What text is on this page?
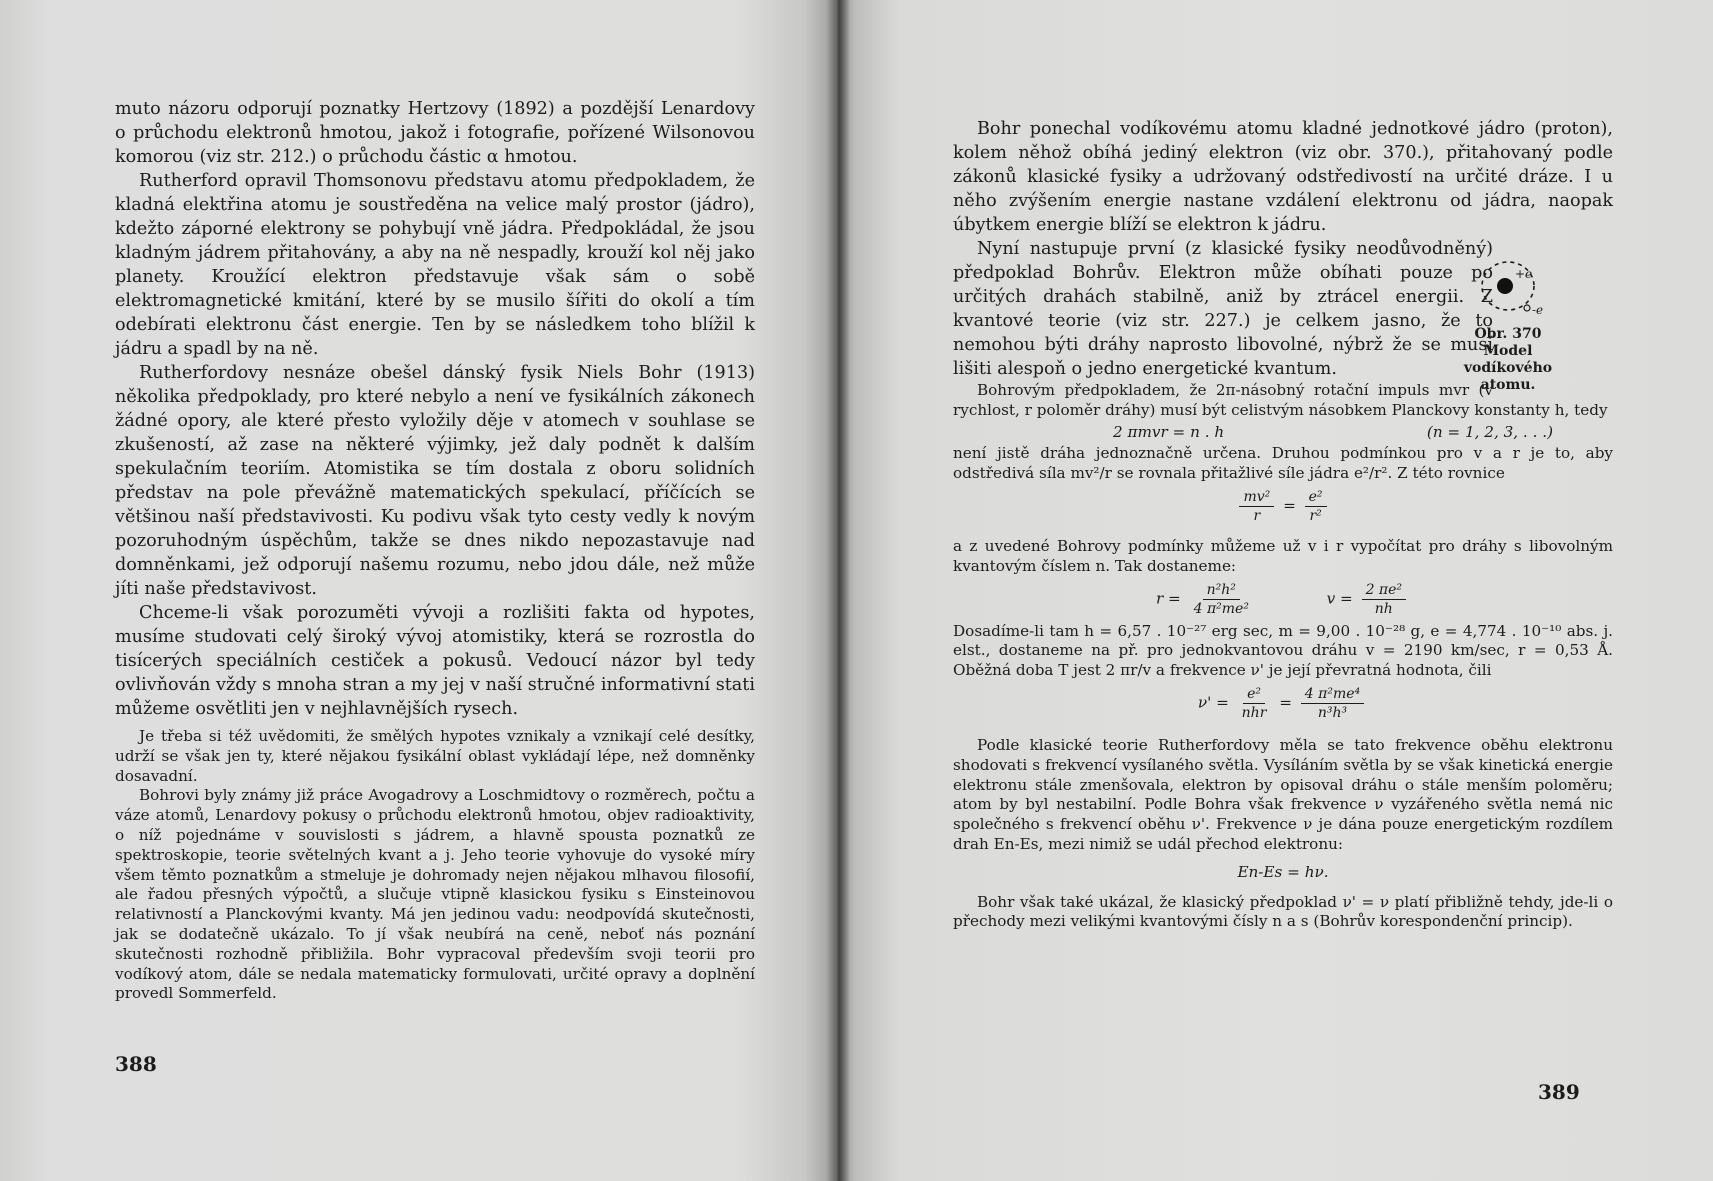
muto názoru odporují poznatky Hertzovy (1892) a pozdější Lenardovy o průchodu elektronů hmotou, jakož i fotografie, pořízené Wilsonovou komorou (viz str. 212.) o průchodu částic α hmotou.

Rutherford opravil Thomsonovu představu atomu předpokladem, že kladná elektřina atomu je soustředěna na velice malý prostor (jádro), kdežto záporné elektrony se pohybují vně jádra. Předpokládal, že jsou kladným jádrem přitahovány, a aby na ně nespadly, krouží kol něj jako planety. Kroužící elektron představuje však sám o sobě elektromagnetické kmitání, které by se musilo šířiti do okolí a tím odebírati elektronu část energie. Ten by se následkem toho blížil k jádru a spadl by na ně.

Rutherfordovy nesnáze obešel dánský fysik Niels Bohr (1913) několika předpoklady, pro které nebylo a není ve fysikálních zákonech žádné opory, ale které přesto vyložily děje v atomech v souhlase se zkušeností, až zase na některé výjimky, jež daly podnět k dalším spekulačním teoriím. Atomistika se tím dostala z oboru solidních představ na pole převážně matematických spekulací, příčících se většinou naší představivosti. Ku podivu však tyto cesty vedly k novým pozoruhodným úspěchům, takže se dnes nikdo nepozastavuje nad domněnkami, jež odporují našemu rozumu, nebo jdou dále, než může jíti naše představivost.

Chceme-li však porozuměti vývoji a rozlišiti fakta od hypotes, musíme studovati celý široký vývoj atomistiky, která se rozrostla do tisícerých speciálních cestiček a pokusů. Vedoucí názor byl tedy ovlivňován vždy s mnoha stran a my jej v naší stručné informativní stati můžeme osvětliti jen v nejhlavnějších rysech.

Je třeba si též uvědomiti, že smělých hypotes vznikaly a vznikají celé desítky, udrží se však jen ty, které nějakou fysikální oblast vykládají lépe, než domněnky dosavadní.

Bohrovi byly známy již práce Avogadrovy a Loschmidtovy o rozměrech, počtu a váze atomů, Lenardovy pokusy o průchodu elektronů hmotou, objev radioaktivity, o níž pojednáme v souvislosti s jádrem, a hlavně spousta poznatků ze spektroskopie, teorie světelných kvant a j. Jeho teorie vyhovuje do vysoké míry všem těmto poznatkům a stmeluje je dohromady nejen nějakou mlhavou filosofií, ale řadou přesných výpočtů, a slučuje vtipně klasickou fysiku s Einsteinovou relativností a Planckovými kvanty. Má jen jedinou vadu: neodpovídá skutečnosti, jak se dodatečně ukázalo. To jí však neubírá na ceně, neboť nás poznání skutečnosti rozhodně přibližila. Bohr vypracoval především svoji teorii pro vodíkový atom, dále se nedala matematicky formulovati, určité opravy a doplnění provedl Sommerfeld.

388

Bohr ponechal vodíkovému atomu kladné jednotkové jádro (proton), kolem něhož obíhá jediný elektron (viz obr. 370.), přitahovaný podle zákonů klasické fysiky a udržovaný odstředivostí na určité dráze. I u něho zvýšením energie nastane vzdálení elektronu od jádra, naopak úbytkem energie blíží se elektron k jádru.

Nyní nastupuje první (z klasické fysiky neodůvodněný) předpoklad Bohrův. Elektron může obíhati pouze po určitých drahách stabilně, aniž by ztrácel energii. Z kvantové teorie (viz str. 227.) je celkem jasno, že to nemohou býti dráhy naprosto libovolné, nýbrž že se musí lišiti alespoň o jedno energetické kvantum.

Bohrovým předpokladem, že 2π-násobný rotační impuls mvr (v rychlost, r poloměr dráhy) musí být celistvým násobkem Planckovy konstanty h, tedy

2 πmvr = n . h	(n = 1, 2, 3, . . .)

není jistě dráha jednoznačně určena. Druhou podmínkou pro v a r je to, aby odstředivá síla mv²/r se rovnala přitažlivé síle jádra e²/r². Z této rovnice

$\frac{\text{mv²}}{r} = \frac{\text{e²}}{\text{r²}}$

a z uvedené Bohrovy podmínky můžeme už v i r vypočítat pro dráhy s libovolným kvantovým číslem n. Tak dostaneme:

$r = \frac{\text{n²h²}}{\text{4 π²me²}}$	$v = \frac{\text{2 πe²}}{nh}$

Dosadíme-li tam h = 6,57 . 10⁻²⁷ erg sec, m = 9,00 . 10⁻²⁸ g, e = 4,774 . 10⁻¹⁰ abs. j. elst., dostaneme na př. pro jednokvantovou dráhu v = 2190 km/sec, r = 0,53 Å. Oběžná doba T jest 2 πr/v a frekvence ν' je její převratná hodnota, čili

$\nu' = \frac{\text{e²}}{\text{nhr}} = \frac{\text{4 π²me⁴}}{\text{n³h³}}$

Podle klasické teorie Rutherfordovy měla se tato frekvence oběhu elektronu shodovati s frekvencí vysílaného světla. Vysíláním světla by se však kinetická energie elektronu stále zmenšovala, elektron by opisoval dráhu o stále menším poloměru; atom by byl nestabilní. Podle Bohra však frekvence ν vyzářeného světla nemá nic společného s frekvencí oběhu ν'. Frekvence ν je dána pouze energetickým rozdílem drah En-Es, mezi nimiž se udál přechod elektronu:

En-Es = hν.

Bohr však také ukázal, že klasický předpoklad ν' = ν platí přibližně tehdy, jde-li o přechody mezi velikými kvantovými čísly n a s (Bohrův korespondenční princip).

+e
-e
Obr. 370
Model vodíkového atomu.
389
